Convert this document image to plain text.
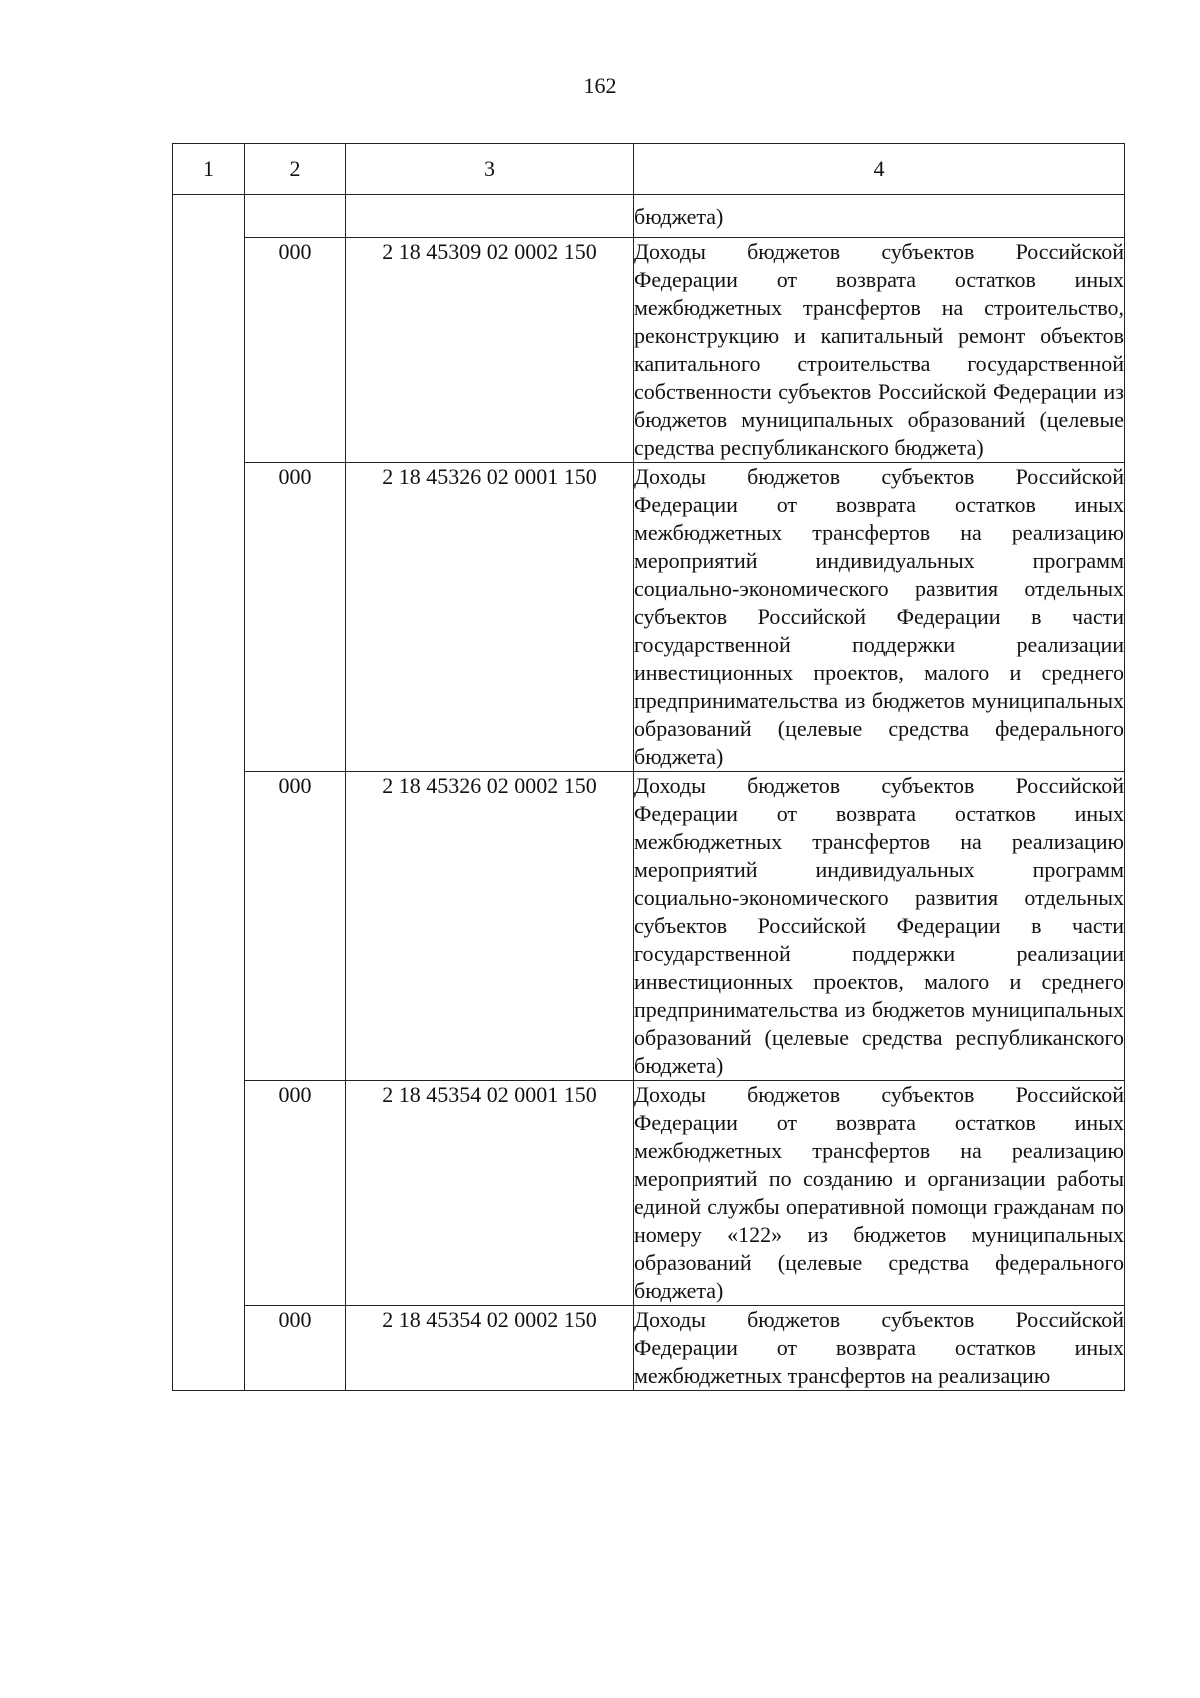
162
1	2	3	4
			бюджета)
	000	2 18 45309 02 0002 150	Доходы бюджетов субъектов Российской Федерации от возврата остатков иных межбюджетных трансфертов на строительство, реконструкцию и капитальный ремонт объектов капитального строительства государственной собственности субъектов Российской Федерации из бюджетов муниципальных образований (целевые средства республиканского бюджета)
	000	2 18 45326 02 0001 150	Доходы бюджетов субъектов Российской Федерации от возврата остатков иных межбюджетных трансфертов на реализацию мероприятий индивидуальных программ социально-экономического развития отдельных субъектов Российской Федерации в части государственной поддержки реализации инвестиционных проектов, малого и среднего предпринимательства из бюджетов муниципальных образований (целевые средства федерального бюджета)
	000	2 18 45326 02 0002 150	Доходы бюджетов субъектов Российской Федерации от возврата остатков иных межбюджетных трансфертов на реализацию мероприятий индивидуальных программ социально-экономического развития отдельных субъектов Российской Федерации в части государственной поддержки реализации инвестиционных проектов, малого и среднего предпринимательства из бюджетов муниципальных образований (целевые средства республиканского бюджета)
	000	2 18 45354 02 0001 150	Доходы бюджетов субъектов Российской Федерации от возврата остатков иных межбюджетных трансфертов на реализацию мероприятий по созданию и организации работы единой службы оперативной помощи гражданам по номеру «122» из бюджетов муниципальных образований (целевые средства федерального бюджета)
	000	2 18 45354 02 0002 150	Доходы бюджетов субъектов Российской Федерации от возврата остатков иных межбюджетных трансфертов на реализацию
